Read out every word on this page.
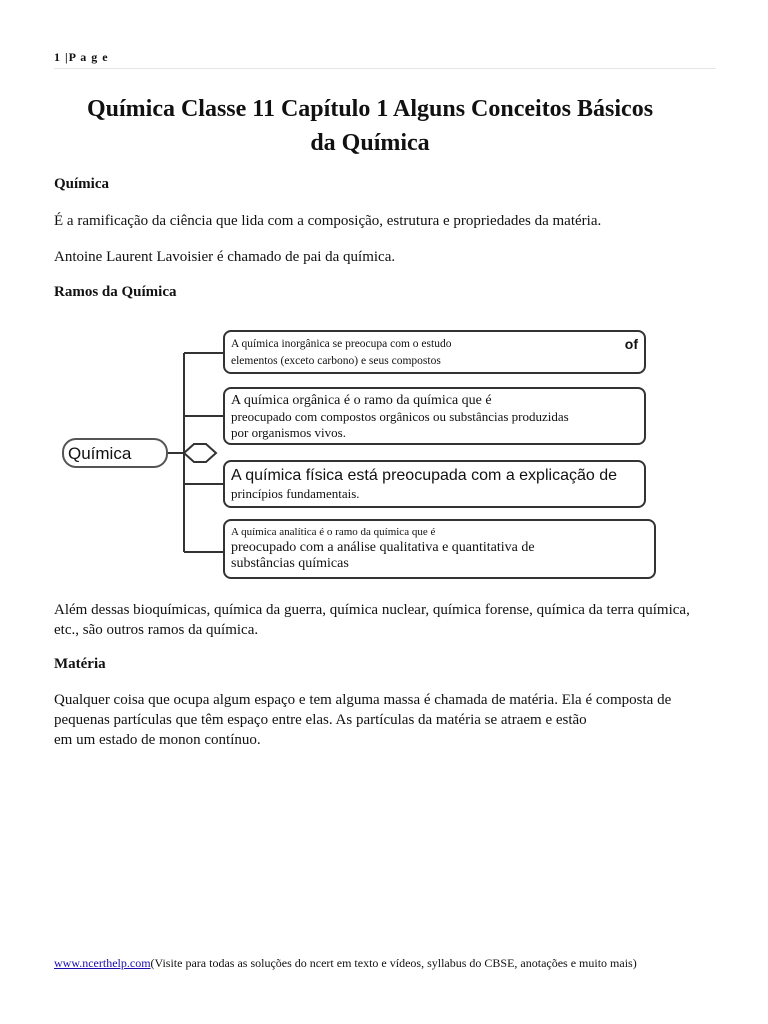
1 |P a g e
Química Classe 11 Capítulo 1 Alguns Conceitos Básicos
da Química
Química
É a ramificação da ciência que lida com a composição, estrutura e propriedades da matéria.
Antoine Laurent Lavoisier é chamado de pai da química.
Ramos da Química
Química
A química inorgânica se preocupa com o estudo
elementos (exceto carbono) e seus compostos
of
A química orgânica é o ramo da química que é
preocupado com compostos orgânicos ou substâncias produzidas
por organismos vivos.
A química física está preocupada com a explicação de
princípios fundamentais.
A química analítica é o ramo da química que é
preocupado com a análise qualitativa e quantitativa de
substâncias químicas
Além dessas bioquímicas, química da guerra, química nuclear, química forense, química da terra química, etc., são outros ramos da química.
Matéria
Qualquer coisa que ocupa algum espaço e tem alguma massa é chamada de matéria. Ela é composta de
pequenas partículas que têm espaço entre elas. As partículas da matéria se atraem e estão
em um estado de monon contínuo.
www.ncerthelp.com(Visite para todas as soluções do ncert em texto e vídeos, syllabus do CBSE, anotações e muito mais)
